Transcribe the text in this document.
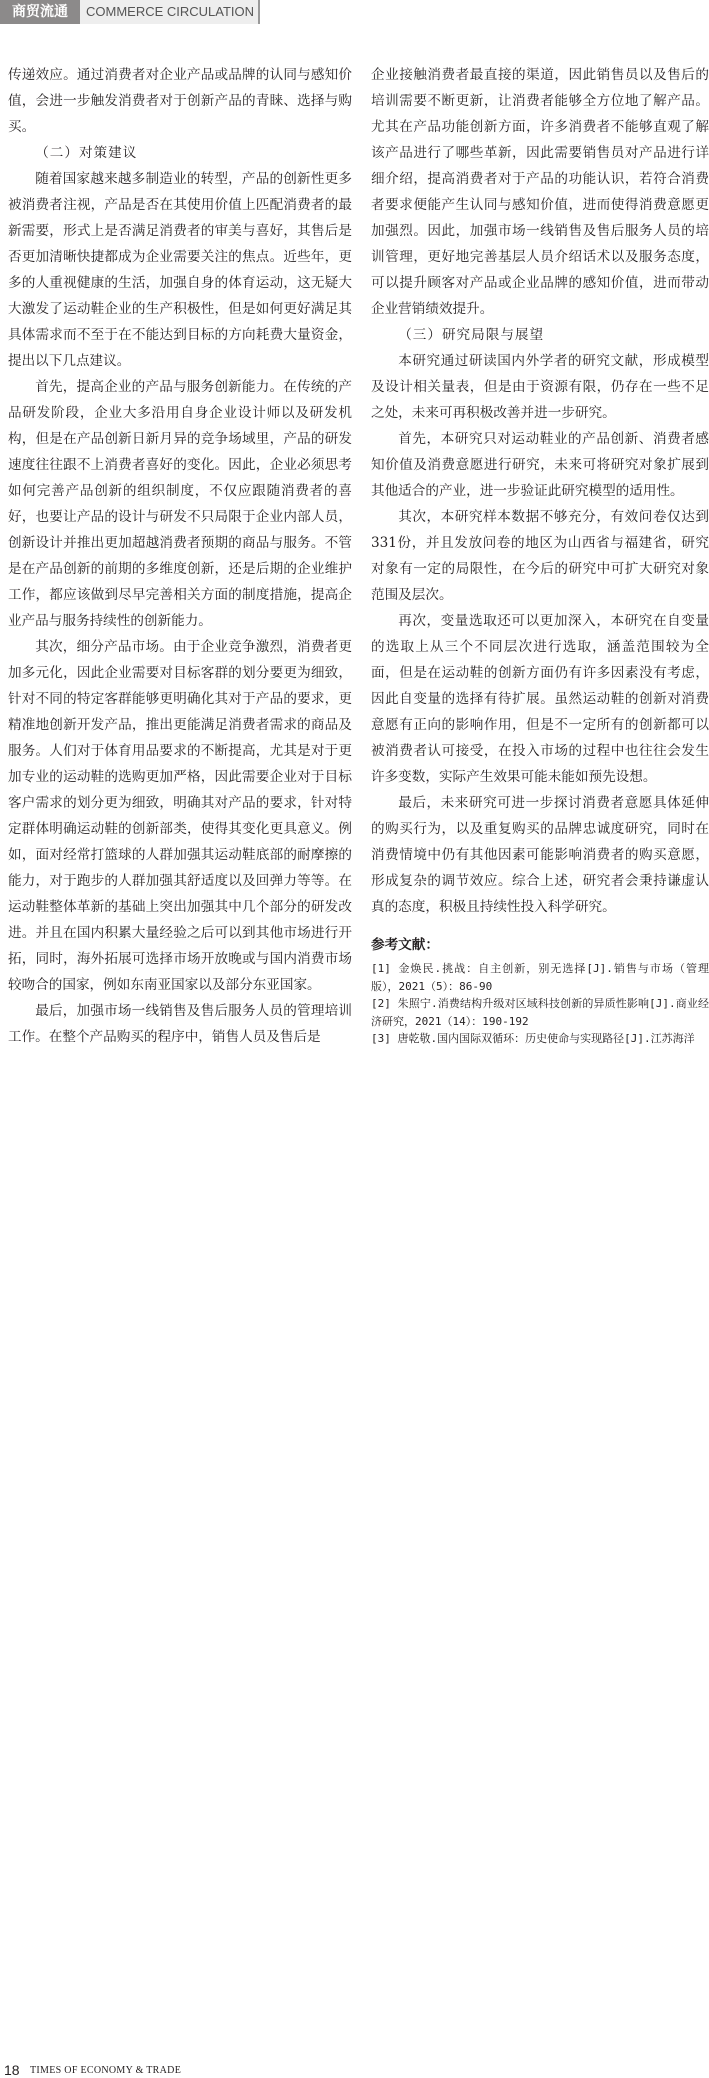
商贸流通	COMMERCE CIRCULATION
传递效应。通过消费者对企业产品或品牌的认同与感知价值，会进一步触发消费者对于创新产品的青睐、选择与购买。
（二）对策建议
随着国家越来越多制造业的转型，产品的创新性更多被消费者注视，产品是否在其使用价值上匹配消费者的最新需要，形式上是否满足消费者的审美与喜好，其售后是否更加清晰快捷都成为企业需要关注的焦点。近些年，更多的人重视健康的生活，加强自身的体育运动，这无疑大大激发了运动鞋企业的生产积极性，但是如何更好满足其具体需求而不至于在不能达到目标的方向耗费大量资金，提出以下几点建议。
首先，提高企业的产品与服务创新能力。在传统的产品研发阶段，企业大多沿用自身企业设计师以及研发机构，但是在产品创新日新月异的竞争场域里，产品的研发速度往往跟不上消费者喜好的变化。因此，企业必须思考如何完善产品创新的组织制度，不仅应跟随消费者的喜好，也要让产品的设计与研发不只局限于企业内部人员，创新设计并推出更加超越消费者预期的商品与服务。不管是在产品创新的前期的多维度创新，还是后期的企业维护工作，都应该做到尽早完善相关方面的制度措施，提高企业产品与服务持续性的创新能力。
其次，细分产品市场。由于企业竞争激烈，消费者更加多元化，因此企业需要对目标客群的划分要更为细致，针对不同的特定客群能够更明确化其对于产品的要求，更精准地创新开发产品，推出更能满足消费者需求的商品及服务。人们对于体育用品要求的不断提高，尤其是对于更加专业的运动鞋的选购更加严格，因此需要企业对于目标客户需求的划分更为细致，明确其对产品的要求，针对特定群体明确运动鞋的创新部类，使得其变化更具意义。例如，面对经常打篮球的人群加强其运动鞋底部的耐摩擦的能力，对于跑步的人群加强其舒适度以及回弹力等等。在运动鞋整体革新的基础上突出加强其中几个部分的研发改进。并且在国内积累大量经验之后可以到其他市场进行开拓，同时，海外拓展可选择市场开放晚或与国内消费市场较吻合的国家，例如东南亚国家以及部分东亚国家。
最后，加强市场一线销售及售后服务人员的管理培训工作。在整个产品购买的程序中，销售人员及售后是
企业接触消费者最直接的渠道，因此销售员以及售后的培训需要不断更新，让消费者能够全方位地了解产品。尤其在产品功能创新方面，许多消费者不能够直观了解该产品进行了哪些革新，因此需要销售员对产品进行详细介绍，提高消费者对于产品的功能认识，若符合消费者要求便能产生认同与感知价值，进而使得消费意愿更加强烈。因此，加强市场一线销售及售后服务人员的培训管理，更好地完善基层人员介绍话术以及服务态度，可以提升顾客对产品或企业品牌的感知价值，进而带动企业营销绩效提升。
（三）研究局限与展望
本研究通过研读国内外学者的研究文献，形成模型及设计相关量表，但是由于资源有限，仍存在一些不足之处，未来可再积极改善并进一步研究。
首先，本研究只对运动鞋业的产品创新、消费者感知价值及消费意愿进行研究，未来可将研究对象扩展到其他适合的产业，进一步验证此研究模型的适用性。
其次，本研究样本数据不够充分，有效问卷仅达到331份，并且发放问卷的地区为山西省与福建省，研究对象有一定的局限性，在今后的研究中可扩大研究对象范围及层次。
再次，变量选取还可以更加深入，本研究在自变量的选取上从三个不同层次进行选取，涵盖范围较为全面，但是在运动鞋的创新方面仍有许多因素没有考虑，因此自变量的选择有待扩展。虽然运动鞋的创新对消费意愿有正向的影响作用，但是不一定所有的创新都可以被消费者认可接受，在投入市场的过程中也往往会发生许多变数，实际产生效果可能未能如预先设想。
最后，未来研究可进一步探讨消费者意愿具体延伸的购买行为，以及重复购买的品牌忠诚度研究，同时在消费情境中仍有其他因素可能影响消费者的购买意愿，形成复杂的调节效应。综合上述，研究者会秉持谦虚认真的态度，积极且持续性投入科学研究。
参考文献：
[1] 金焕民.挑战：自主创新，别无选择[J].销售与市场（管理版），2021（5）：86-90
[2] 朱照宁.消费结构升级对区域科技创新的异质性影响[J].商业经济研究，2021（14）：190-192
[3] 唐乾敬.国内国际双循环：历史使命与实现路径[J].江苏海洋
18 TIMES OF ECONOMY & TRADE
